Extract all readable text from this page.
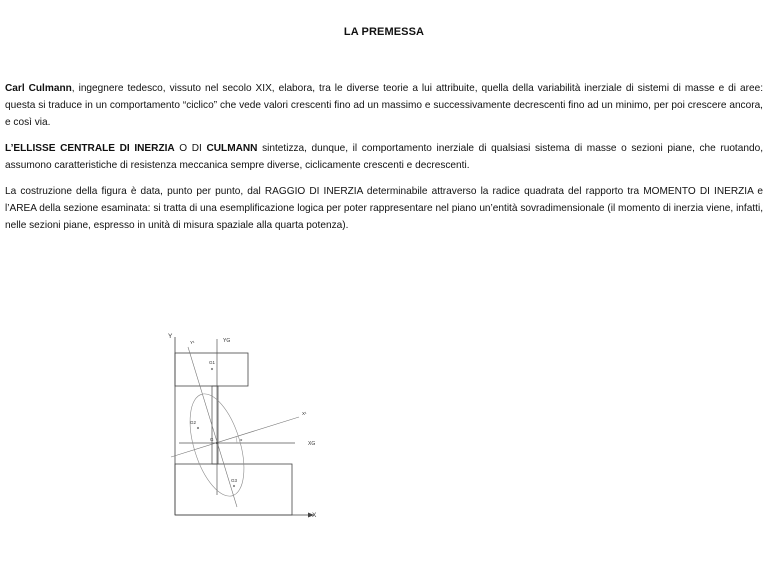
LA PREMESSA

Carl Culmann, ingegnere tedesco, vissuto nel secolo XIX, elabora, tra le diverse teorie a lui attribuite, quella della variabilità inerziale di sistemi di masse e di aree: questa si traduce in un comportamento “ciclico” che vede valori crescenti fino ad un massimo e successivamente decrescenti fino ad un minimo, per poi crescere ancora, e così via.

L’ELLISSE CENTRALE DI INERZIA O DI CULMANN sintetizza, dunque, il comportamento inerziale di qualsiasi sistema di masse o sezioni piane, che ruotando, assumono caratteristiche di resistenza meccanica sempre diverse, ciclicamente crescenti e decrescenti.

La costruzione della figura è data, punto per punto, dal RAGGIO DI INERZIA determinabile attraverso la radice quadrata del rapporto tra MOMENTO DI INERZIA e l’AREA della sezione esaminata: si tratta di una esemplificazione logica per poter rappresentare nel piano un’entità sovradimensionale (il momento di inerzia viene, infatti, nelle sezioni piane, espresso in unità di misura spaziale alla quarta potenza).

Y
X
YG
XG
Y¹
X¹
G
G1
G2
G3
α
